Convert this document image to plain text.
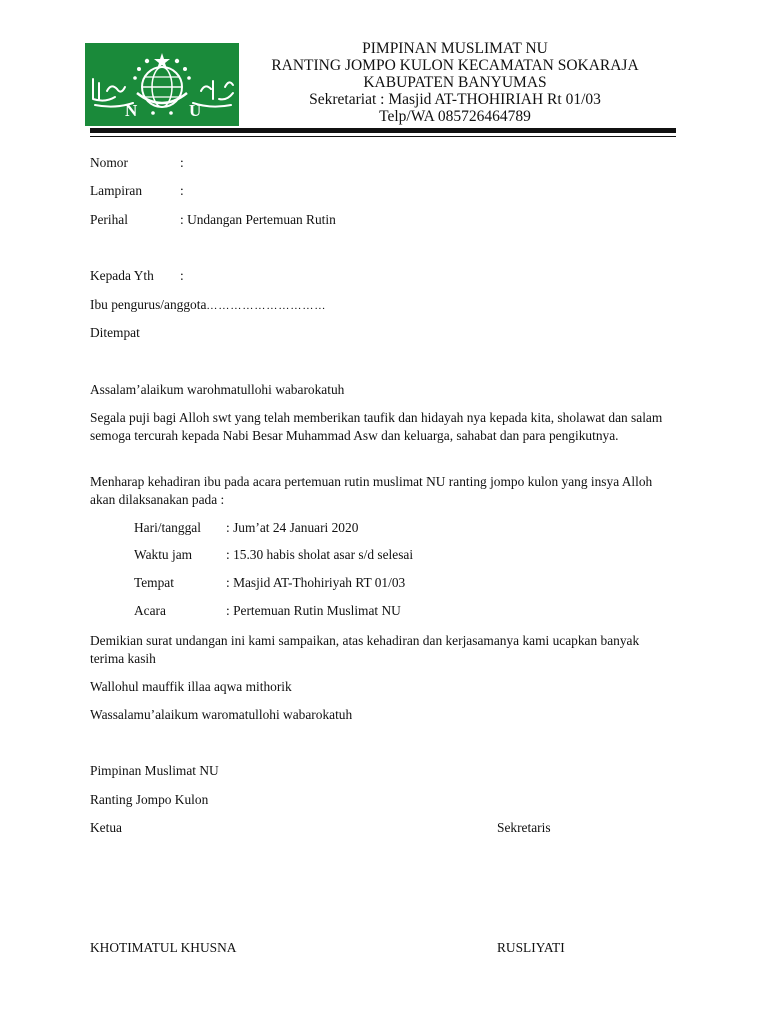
N	U
PIMPINAN MUSLIMAT NU
RANTING JOMPO KULON KECAMATAN SOKARAJA
KABUPATEN BANYUMAS
Sekretariat : Masjid AT-THOHIRIAH Rt 01/03
Telp/WA 085726464789
Nomor	:
Lampiran	:
Perihal	: Undangan Pertemuan Rutin
Kepada Yth :
Ibu pengurus/anggota…………………………
Ditempat
Assalam’alaikum warohmatullohi wabarokatuh
Segala puji bagi Alloh swt yang telah memberikan taufik dan hidayah nya kepada kita, sholawat dan salam semoga tercurah kepada Nabi Besar Muhammad Asw dan keluarga, sahabat dan para pengikutnya.
Menharap kehadiran ibu pada acara pertemuan rutin muslimat NU ranting jompo kulon yang insya Alloh akan dilaksanakan pada :
Hari/tanggal : Jum’at 24 Januari 2020
Waktu jam	: 15.30 habis sholat asar s/d selesai
Tempat	: Masjid AT-Thohiriyah RT 01/03
Acara	: Pertemuan Rutin Muslimat NU
Demikian surat undangan ini kami sampaikan, atas kehadiran dan kerjasamanya kami ucapkan banyak terima kasih
Wallohul mauffik illaa aqwa mithorik
Wassalamu’alaikum waromatullohi wabarokatuh
Pimpinan Muslimat NU
Ranting Jompo Kulon
Ketua	Sekretaris
KHOTIMATUL KHUSNA	RUSLIYATI
